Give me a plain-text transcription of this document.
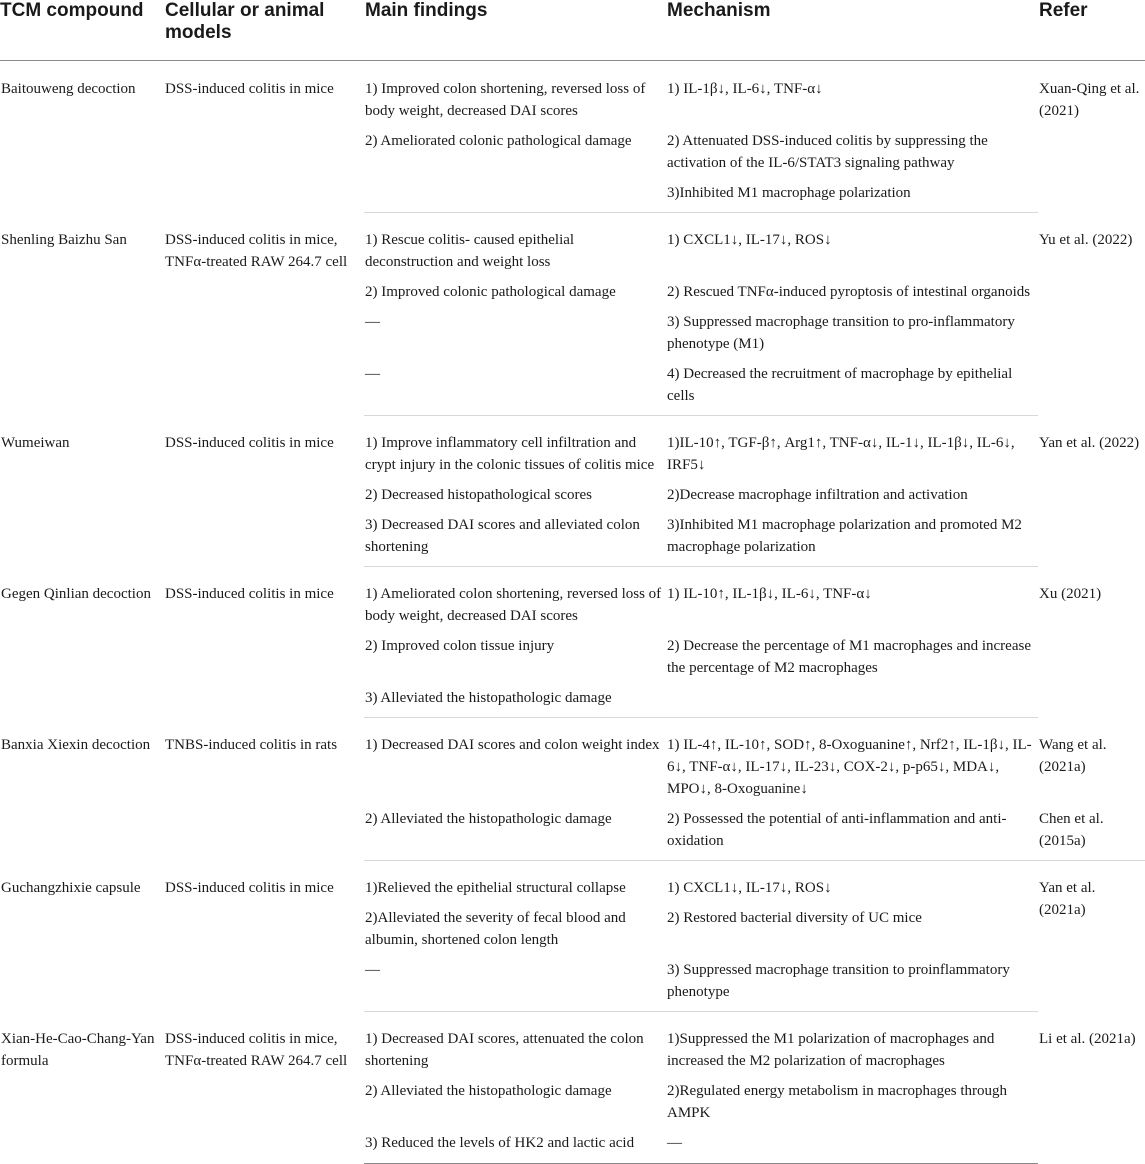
TCM compound	Cellular or animal models	Main findings	Mechanism	Refer
Baitouweng decoction	DSS-induced colitis in mice	1) Improved colon shortening, reversed loss of body weight, decreased DAI scores	1) IL-1β↓, IL-6↓, TNF-α↓	Xuan-Qing et al. (2021)
		2) Ameliorated colonic pathological damage	2) Attenuated DSS-induced colitis by suppressing the activation of the IL-6/STAT3 signaling pathway	
			3)Inhibited M1 macrophage polarization	
Shenling Baizhu San	DSS-induced colitis in mice, TNFα-treated RAW 264.7 cell	1) Rescue colitis- caused epithelial deconstruction and weight loss	1) CXCL1↓, IL-17↓, ROS↓	Yu et al. (2022)
		2) Improved colonic pathological damage	2) Rescued TNFα-induced pyroptosis of intestinal organoids	
		—	3) Suppressed macrophage transition to pro-inflammatory phenotype (M1)	
		—	4) Decreased the recruitment of macrophage by epithelial cells	
Wumeiwan	DSS-induced colitis in mice	1) Improve inflammatory cell infiltration and crypt injury in the colonic tissues of colitis mice	1)IL-10↑, TGF-β↑, Arg1↑, TNF-α↓, IL-1↓, IL-1β↓, IL-6↓, IRF5↓	Yan et al. (2022)
		2) Decreased histopathological scores	2)Decrease macrophage infiltration and activation	
		3) Decreased DAI scores and alleviated colon shortening	3)Inhibited M1 macrophage polarization and promoted M2 macrophage polarization	
Gegen Qinlian decoction	DSS-induced colitis in mice	1) Ameliorated colon shortening, reversed loss of body weight, decreased DAI scores	1) IL-10↑, IL-1β↓, IL-6↓, TNF-α↓	Xu (2021)
		2) Improved colon tissue injury	2) Decrease the percentage of M1 macrophages and increase the percentage of M2 macrophages	
		3) Alleviated the histopathologic damage		
Banxia Xiexin decoction	TNBS-induced colitis in rats	1) Decreased DAI scores and colon weight index	1) IL-4↑, IL-10↑, SOD↑, 8-Oxoguanine↑, Nrf2↑, IL-1β↓, IL-6↓, TNF-α↓, IL-17↓, IL-23↓, COX-2↓, p-p65↓, MDA↓, MPO↓, 8-Oxoguanine↓	Wang et al. (2021a)
		2) Alleviated the histopathologic damage	2) Possessed the potential of anti-inflammation and anti-oxidation	Chen et al. (2015a)
Guchangzhixie capsule	DSS-induced colitis in mice	1)Relieved the epithelial structural collapse	1) CXCL1↓, IL-17↓, ROS↓	Yan et al. (2021a)
		2)Alleviated the severity of fecal blood and albumin, shortened colon length	2) Restored bacterial diversity of UC mice	
		—	3) Suppressed macrophage transition to proinflammatory phenotype	
Xian-He-Cao-Chang-Yan formula	DSS-induced colitis in mice, TNFα-treated RAW 264.7 cell	1) Decreased DAI scores, attenuated the colon shortening	1)Suppressed the M1 polarization of macrophages and increased the M2 polarization of macrophages	Li et al. (2021a)
		2) Alleviated the histopathologic damage	2)Regulated energy metabolism in macrophages through AMPK	
		3) Reduced the levels of HK2 and lactic acid	—	
